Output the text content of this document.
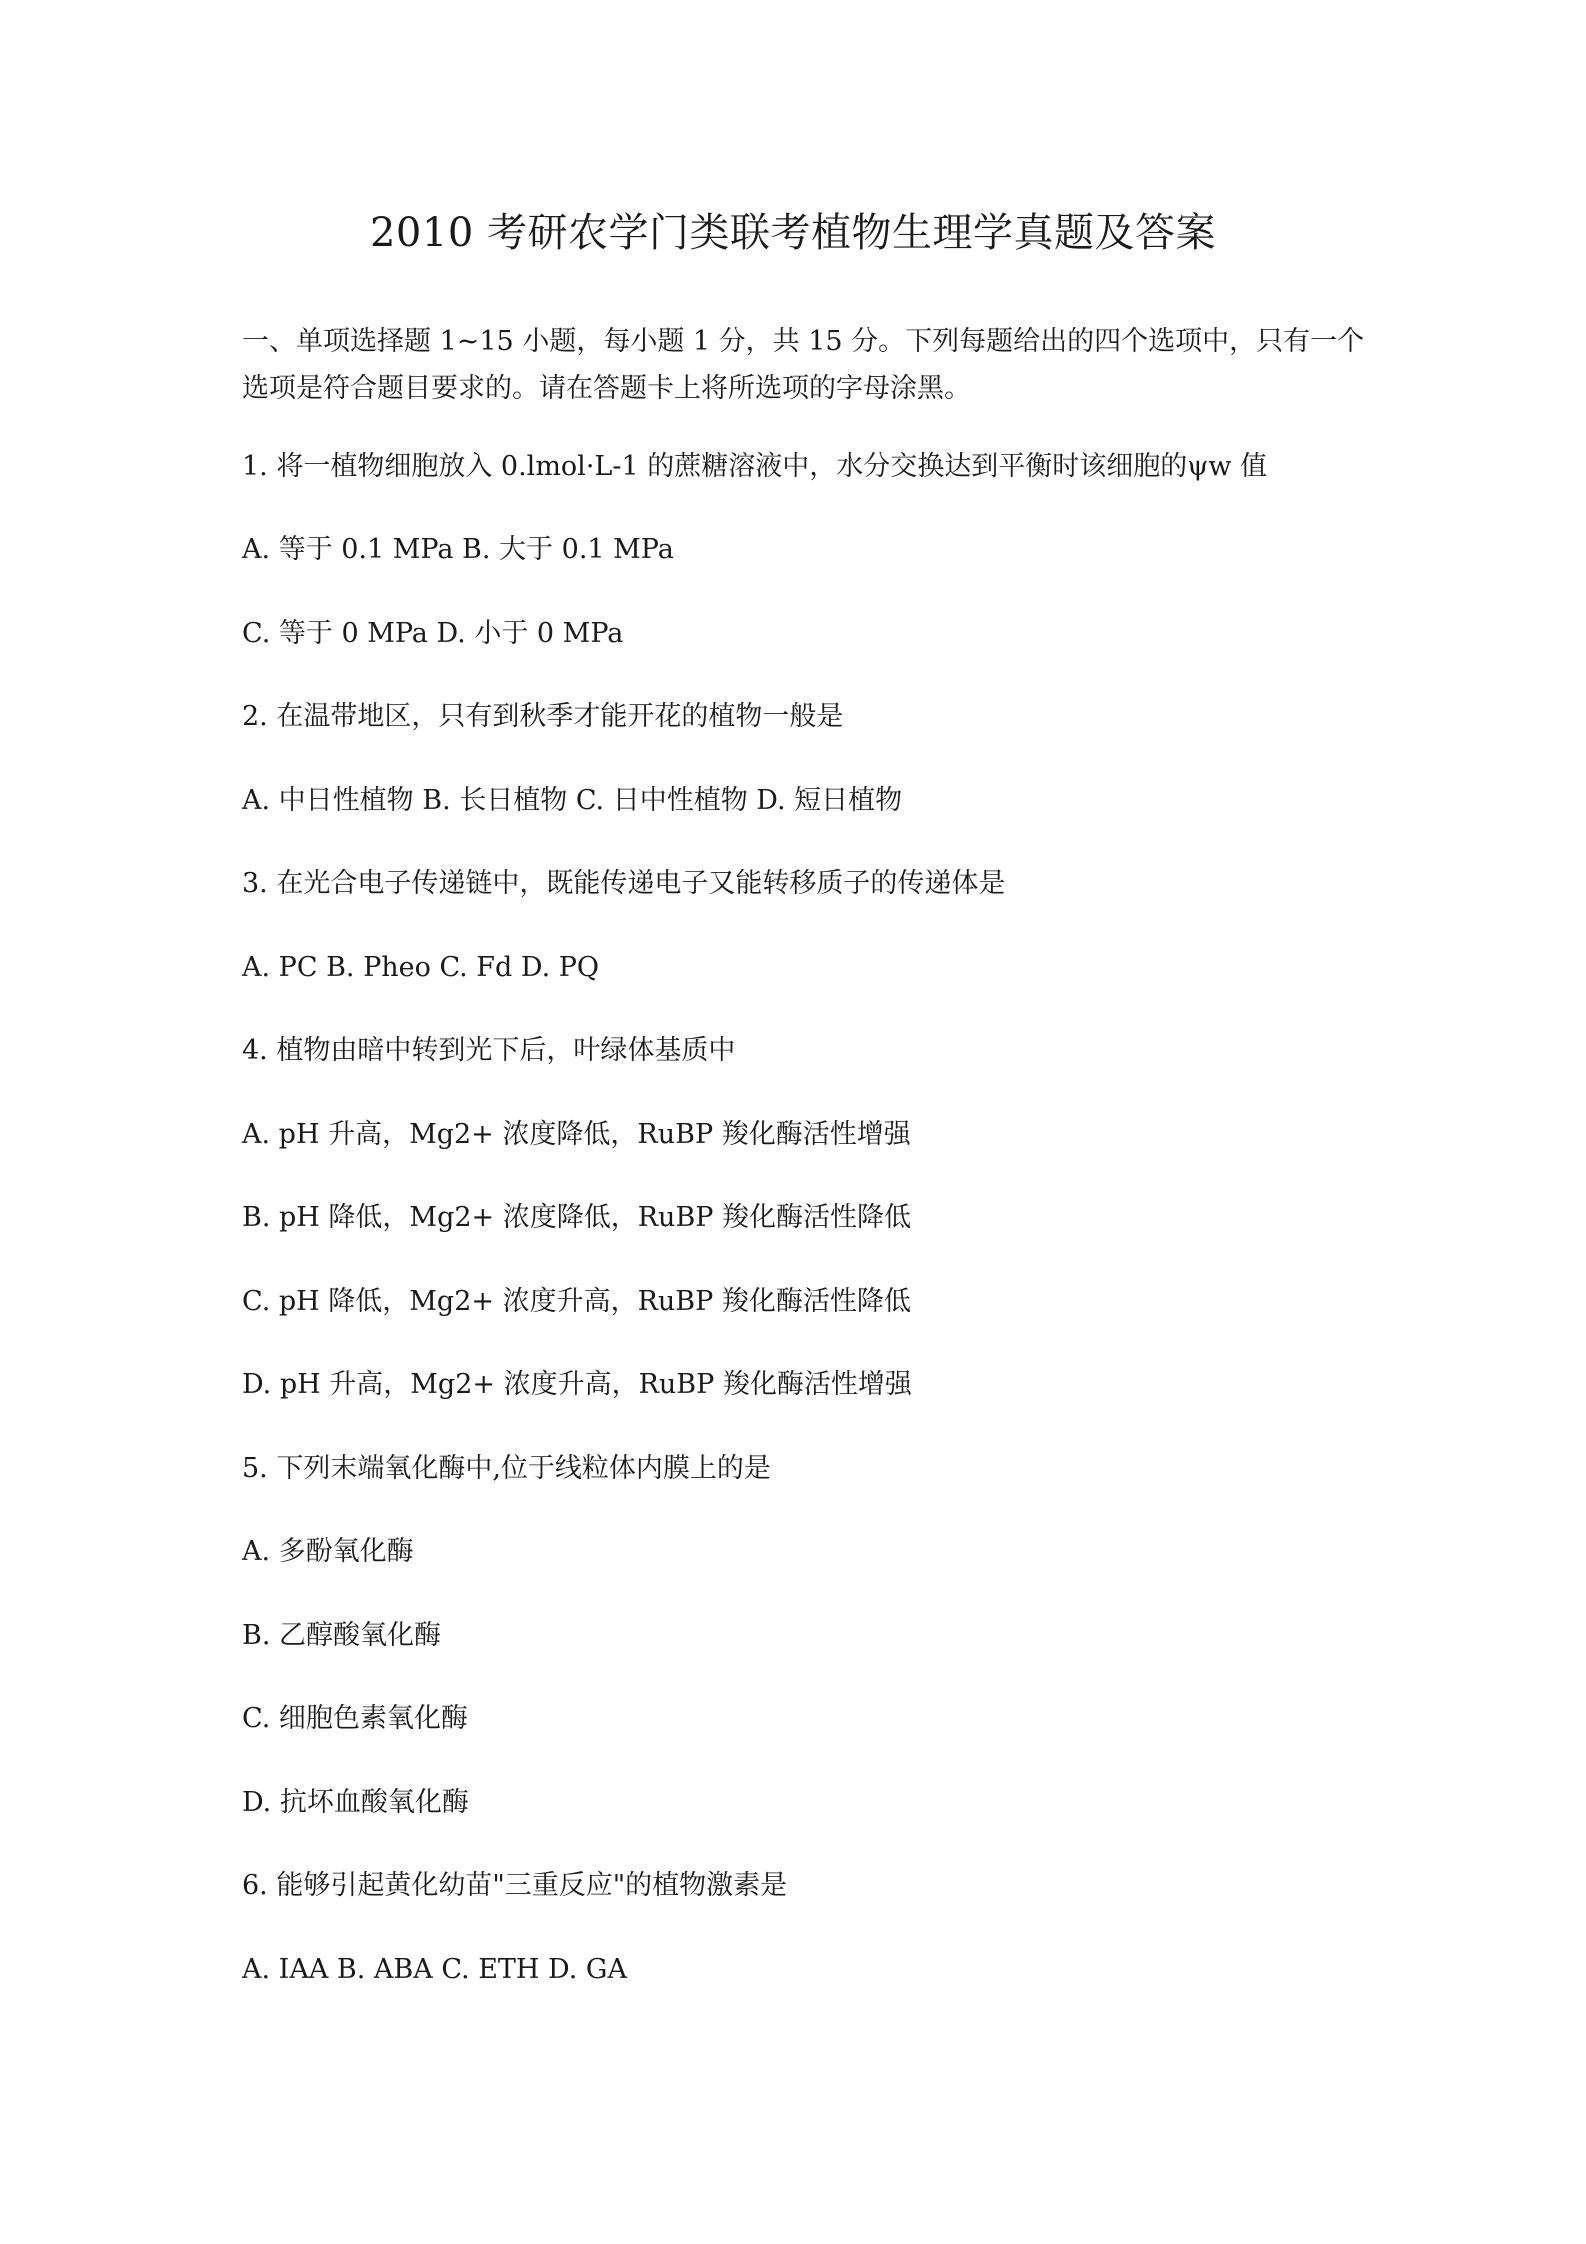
2010 考研农学门类联考植物生理学真题及答案

一、单项选择题 1~15 小题，每小题 1 分，共 15 分。下列每题给出的四个选项中，只有一个选项是符合题目要求的。请在答题卡上将所选项的字母涂黑。

1. 将一植物细胞放入 0.lmol·L-1 的蔗糖溶液中，水分交换达到平衡时该细胞的ψw 值

A. 等于 0.1 MPa B. 大于 0.1 MPa

C. 等于 0 MPa D. 小于 0 MPa

2. 在温带地区，只有到秋季才能开花的植物一般是

A. 中日性植物 B. 长日植物 C. 日中性植物 D. 短日植物

3. 在光合电子传递链中，既能传递电子又能转移质子的传递体是

A. PC B. Pheo C. Fd D. PQ

4. 植物由暗中转到光下后，叶绿体基质中

A. pH 升高，Mg2+ 浓度降低，RuBP 羧化酶活性增强

B. pH 降低，Mg2+ 浓度降低，RuBP 羧化酶活性降低

C. pH 降低，Mg2+ 浓度升高，RuBP 羧化酶活性降低

D. pH 升高，Mg2+ 浓度升高，RuBP 羧化酶活性增强

5. 下列末端氧化酶中,位于线粒体内膜上的是

A. 多酚氧化酶

B. 乙醇酸氧化酶

C. 细胞色素氧化酶

D. 抗坏血酸氧化酶

6. 能够引起黄化幼苗"三重反应"的植物激素是

A. IAA B. ABA C. ETH D. GA
